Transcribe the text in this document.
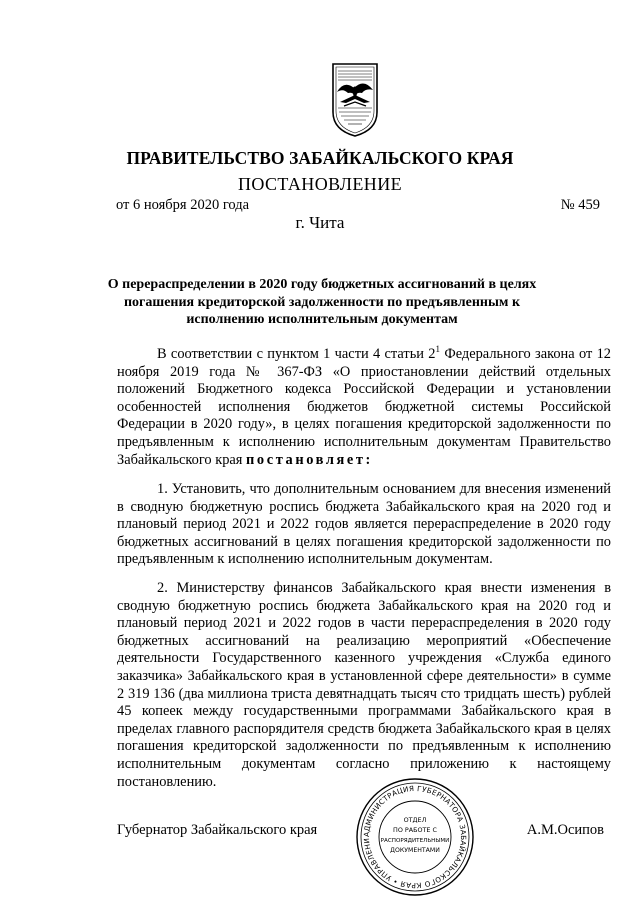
ПРАВИТЕЛЬСТВО ЗАБАЙКАЛЬСКОГО КРАЯ
ПОСТАНОВЛЕНИЕ
от 6 ноября 2020 года	№ 459
г. Чита
О перераспределении в 2020 году бюджетных ассигнований в целях погашения кредиторской задолженности по предъявленным к исполнению исполнительным документам

В соответствии с пунктом 1 части 4 статьи $2^1$ Федерального закона от 12 ноября 2019 года № 367-ФЗ «О приостановлении действий отдельных положений Бюджетного кодекса Российской Федерации и установлении особенностей исполнения бюджетов бюджетной системы Российской Федерации в 2020 году», в целях погашения кредиторской задолженности по предъявленным к исполнению исполнительным документам Правительство Забайкальского края постановляет:

1. Установить, что дополнительным основанием для внесения изменений в сводную бюджетную роспись бюджета Забайкальского края на 2020 год и плановый период 2021 и 2022 годов является перераспределение в 2020 году бюджетных ассигнований в целях погашения кредиторской задолженности по предъявленным к исполнению исполнительным документам.

2. Министерству финансов Забайкальского края внести изменения в сводную бюджетную роспись бюджета Забайкальского края на 2020 год и плановый период 2021 и 2022 годов в части перераспределения в 2020 году бюджетных ассигнований на реализацию мероприятий «Обеспечение деятельности Государственного казенного учреждения «Служба единого заказчика» Забайкальского края в установленной сфере деятельности» в сумме 2 319 136 (два миллиона триста девятнадцать тысяч сто тридцать шесть) рублей 45 копеек между государственными программами Забайкальского края в пределах главного распорядителя средств бюджета Забайкальского края в целях погашения кредиторской задолженности по предъявленным к исполнению исполнительным документам согласно приложению к настоящему постановлению.

Губернатор Забайкальского края	А.М.Осипов
АДМИНИСТРАЦИЯ ГУБЕРНАТОРА ЗАБАЙКАЛЬСКОГО КРАЯ • УПРАВЛЕНИ
ОТДЕЛ
ПО РАБОТЕ С
РАСПОРЯДИТЕЛЬНЫМИ
ДОКУМЕНТАМИ
